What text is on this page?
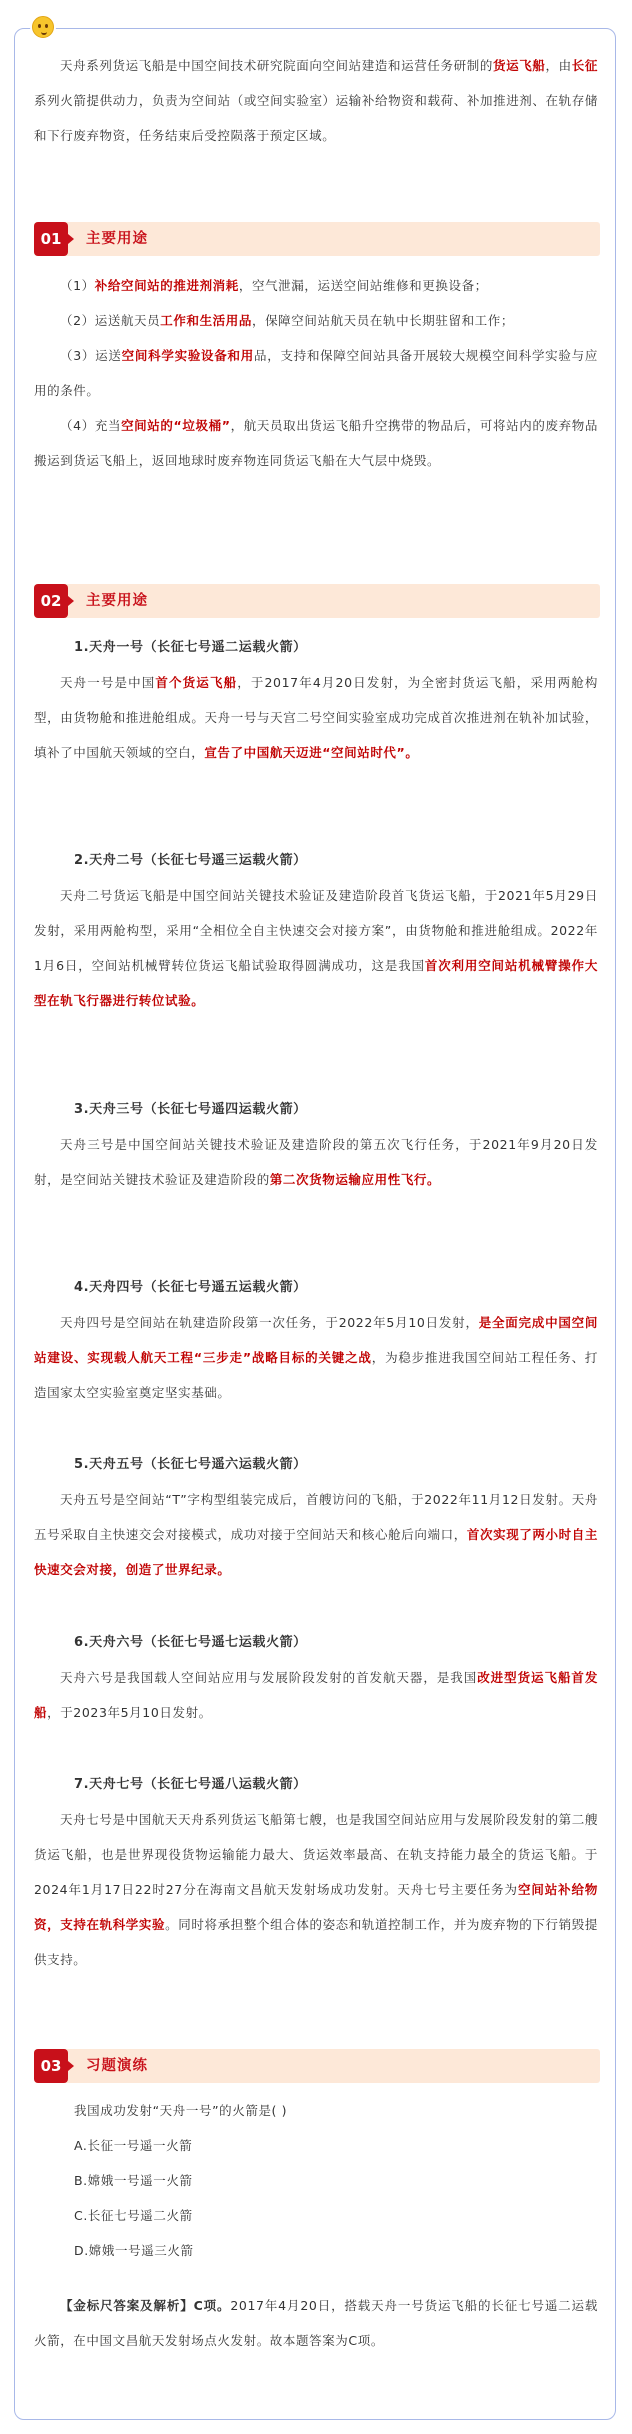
天舟系列货运飞船是中国空间技术研究院面向空间站建造和运营任务研制的货运飞船，由长征系列火箭提供动力，负责为空间站（或空间实验室）运输补给物资和载荷、补加推进剂、在轨存储和下行废弃物资，任务结束后受控陨落于预定区域。

01	主要用途

（1）补给空间站的推进剂消耗，空气泄漏，运送空间站维修和更换设备；

（2）运送航天员工作和生活用品，保障空间站航天员在轨中长期驻留和工作；

（3）运送空间科学实验设备和用品，支持和保障空间站具备开展较大规模空间科学实验与应用的条件。

（4）充当空间站的“垃圾桶”，航天员取出货运飞船升空携带的物品后，可将站内的废弃物品搬运到货运飞船上，返回地球时废弃物连同货运飞船在大气层中烧毁。

02	主要用途

1.天舟一号（长征七号遥二运载火箭）

天舟一号是中国首个货运飞船，于2017年4月20日发射，为全密封货运飞船，采用两舱构型，由货物舱和推进舱组成。天舟一号与天宫二号空间实验室成功完成首次推进剂在轨补加试验，填补了中国航天领域的空白，宣告了中国航天迈进“空间站时代”。

2.天舟二号（长征七号遥三运载火箭）

天舟二号货运飞船是中国空间站关键技术验证及建造阶段首飞货运飞船，于2021年5月29日发射，采用两舱构型，采用“全相位全自主快速交会对接方案”，由货物舱和推进舱组成。2022年1月6日，空间站机械臂转位货运飞船试验取得圆满成功，这是我国首次利用空间站机械臂操作大型在轨飞行器进行转位试验。

3.天舟三号（长征七号遥四运载火箭）

天舟三号是中国空间站关键技术验证及建造阶段的第五次飞行任务，于2021年9月20日发射，是空间站关键技术验证及建造阶段的第二次货物运输应用性飞行。

4.天舟四号（长征七号遥五运载火箭）

天舟四号是空间站在轨建造阶段第一次任务，于2022年5月10日发射，是全面完成中国空间站建设、实现载人航天工程“三步走”战略目标的关键之战，为稳步推进我国空间站工程任务、打造国家太空实验室奠定坚实基础。

5.天舟五号（长征七号遥六运载火箭）

天舟五号是空间站“T”字构型组装完成后，首艘访问的飞船，于2022年11月12日发射。天舟五号采取自主快速交会对接模式，成功对接于空间站天和核心舱后向端口，首次实现了两小时自主快速交会对接，创造了世界纪录。

6.天舟六号（长征七号遥七运载火箭）

天舟六号是我国载人空间站应用与发展阶段发射的首发航天器，是我国改进型货运飞船首发船，于2023年5月10日发射。

7.天舟七号（长征七号遥八运载火箭）

天舟七号是中国航天天舟系列货运飞船第七艘，也是我国空间站应用与发展阶段发射的第二艘货运飞船，也是世界现役货物运输能力最大、货运效率最高、在轨支持能力最全的货运飞船。于2024年1月17日22时27分在海南文昌航天发射场成功发射。天舟七号主要任务为空间站补给物资，支持在轨科学实验。同时将承担整个组合体的姿态和轨道控制工作，并为废弃物的下行销毁提供支持。

03	习题演练

我国成功发射“天舟一号”的火箭是( )

A.长征一号遥一火箭

B.嫦娥一号遥一火箭

C.长征七号遥二火箭

D.嫦娥一号遥三火箭

【金标尺答案及解析】C项。2017年4月20日，搭载天舟一号货运飞船的长征七号遥二运载火箭，在中国文昌航天发射场点火发射。故本题答案为C项。
